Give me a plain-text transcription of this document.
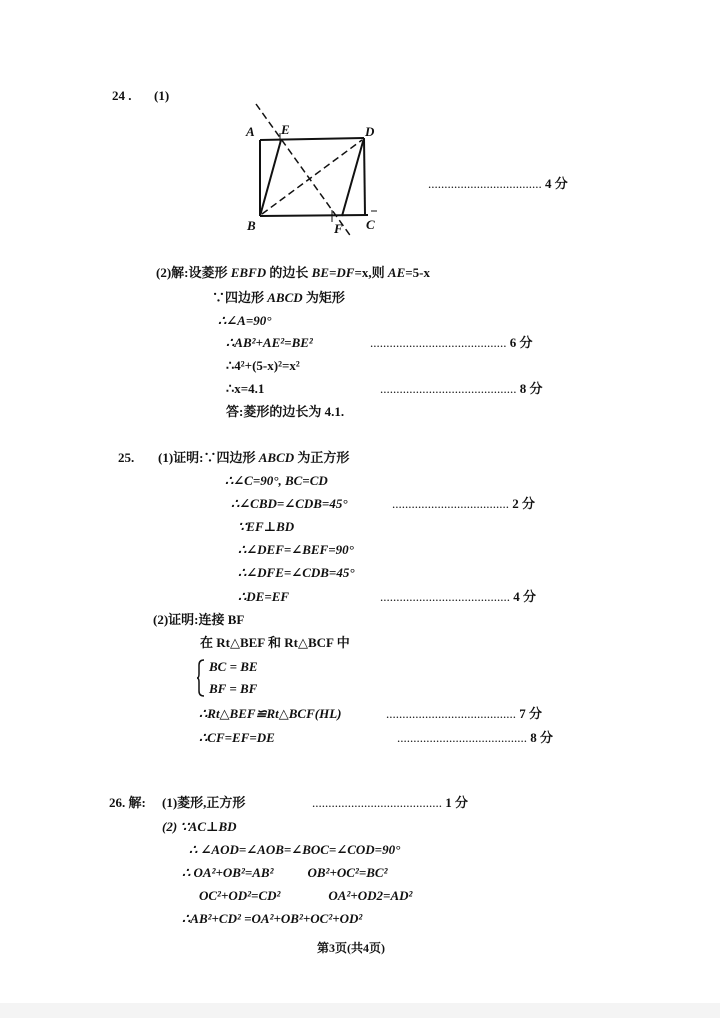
24 . (1)
A E	D
B	F C
................................... 4 分
(2)解:设菱形 EBFD 的边长 BE=DF=x,则 AE=5-x
∵四边形 ABCD 为矩形
∴∠A=90°
∴AB²+AE²=BE²	.......................................... 6 分
∴4²+(5-x)²=x²
∴x=4.1	.......................................... 8 分
答:菱形的边长为 4.1.
25. (1)证明:∵四边形 ABCD 为正方形
∴∠C=90°, BC=CD
∴∠CBD=∠CDB=45°	.................................... 2 分
∵EF⊥BD
∴∠DEF=∠BEF=90°
∴∠DFE=∠CDB=45°
∴DE=EF	........................................ 4 分
(2)证明:连接 BF
在 Rt△BEF 和 Rt△BCF 中
BC = BE
BF = BF
∴Rt△BEF≌Rt△BCF(HL)	........................................ 7 分
∴CF=EF=DE	........................................ 8 分
26. 解: (1)菱形,正方形	........................................ 1 分
(2) ∵AC⊥BD
∴ ∠AOD=∠AOB=∠BOC=∠COD=90°
∴ OA²+OB²=AB²	OB²+OC²=BC²
OC²+OD²=CD²	OA²+OD2=AD²
∴AB²+CD² =OA²+OB²+OC²+OD²
第3页(共4页)
